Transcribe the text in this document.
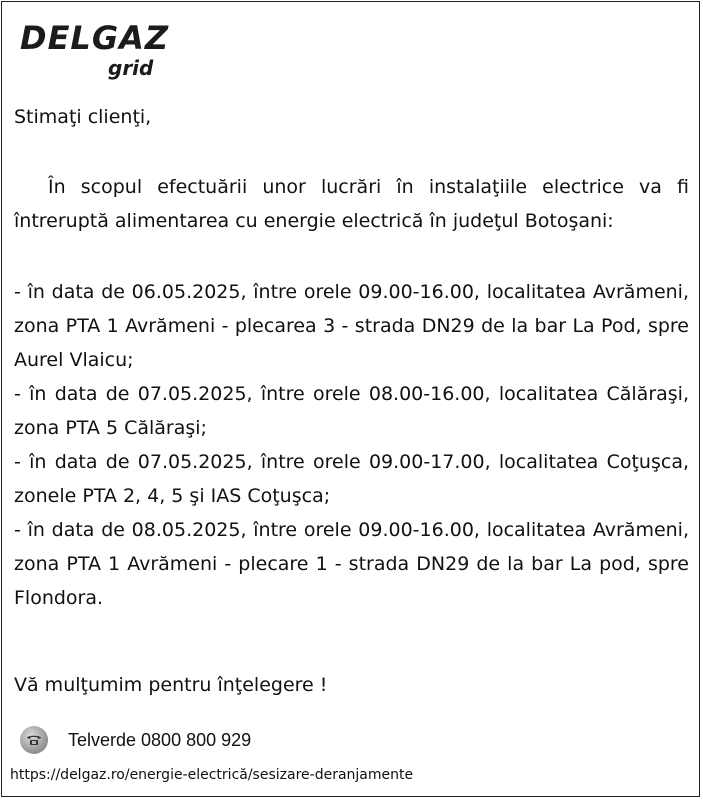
DELGAZ
grid
Stimaţi clienţi,
În scopul efectuării unor lucrări în instalaţiile electrice va fi întreruptă alimentarea cu energie electrică în judeţul Botoşani:

- în data de 06.05.2025, între orele 09.00-16.00, localitatea Avrămeni, zona PTA 1 Avrămeni - plecarea 3 - strada DN29 de la bar La Pod, spre Aurel Vlaicu;

- în data de 07.05.2025, între orele 08.00-16.00, localitatea Călăraşi, zona PTA 5 Călăraşi;

- în data de 07.05.2025, între orele 09.00-17.00, localitatea Coţuşca, zonele PTA 2, 4, 5 şi IAS Coţuşca;

- în data de 08.05.2025, între orele 09.00-16.00, localitatea Avrămeni, zona PTA 1 Avrămeni - plecare 1 - strada DN29 de la bar La pod, spre Flondora.

Vă mulţumim pentru înţelegere !
Telverde 0800 800 929
https://delgaz.ro/energie-electrică/sesizare-deranjamente
